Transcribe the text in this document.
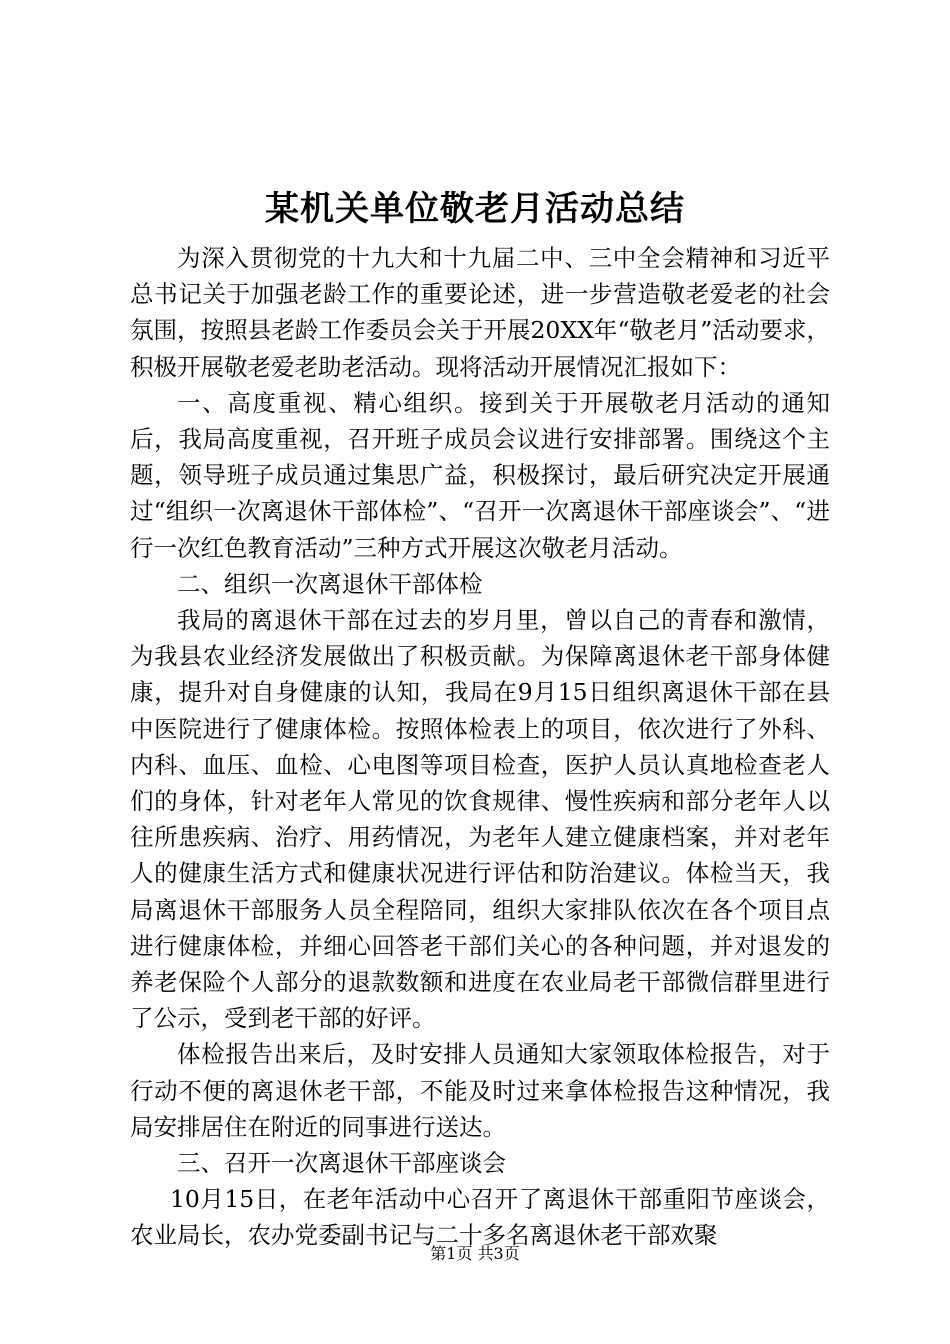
某机关单位敬老月活动总结

为深入贯彻党的十九大和十九届二中、三中全会精神和习近平总书记关于加强老龄工作的重要论述，进一步营造敬老爱老的社会氛围，按照县老龄工作委员会关于开展20XX年“敬老月”活动要求，积极开展敬老爱老助老活动。现将活动开展情况汇报如下：

一、高度重视、精心组织。接到关于开展敬老月活动的通知后，我局高度重视，召开班子成员会议进行安排部署。围绕这个主题，领导班子成员通过集思广益，积极探讨，最后研究决定开展通过“组织一次离退休干部体检”、“召开一次离退休干部座谈会”、“进行一次红色教育活动”三种方式开展这次敬老月活动。

二、组织一次离退休干部体检

我局的离退休干部在过去的岁月里，曾以自己的青春和激情，为我县农业经济发展做出了积极贡献。为保障离退休老干部身体健康，提升对自身健康的认知，我局在9月15日组织离退休干部在县中医院进行了健康体检。按照体检表上的项目，依次进行了外科、内科、血压、血检、心电图等项目检查，医护人员认真地检查老人们的身体，针对老年人常见的饮食规律、慢性疾病和部分老年人以往所患疾病、治疗、用药情况，为老年人建立健康档案，并对老年人的健康生活方式和健康状况进行评估和防治建议。体检当天，我局离退休干部服务人员全程陪同，组织大家排队依次在各个项目点进行健康体检，并细心回答老干部们关心的各种问题，并对退发的养老保险个人部分的退款数额和进度在农业局老干部微信群里进行了公示，受到老干部的好评。

体检报告出来后，及时安排人员通知大家领取体检报告，对于行动不便的离退休老干部，不能及时过来拿体检报告这种情况，我局安排居住在附近的同事进行送达。

三、召开一次离退休干部座谈会

10月15日，在老年活动中心召开了离退休干部重阳节座谈会，农业局长，农办党委副书记与二十多名离退休老干部欢聚

第1页 共3页
